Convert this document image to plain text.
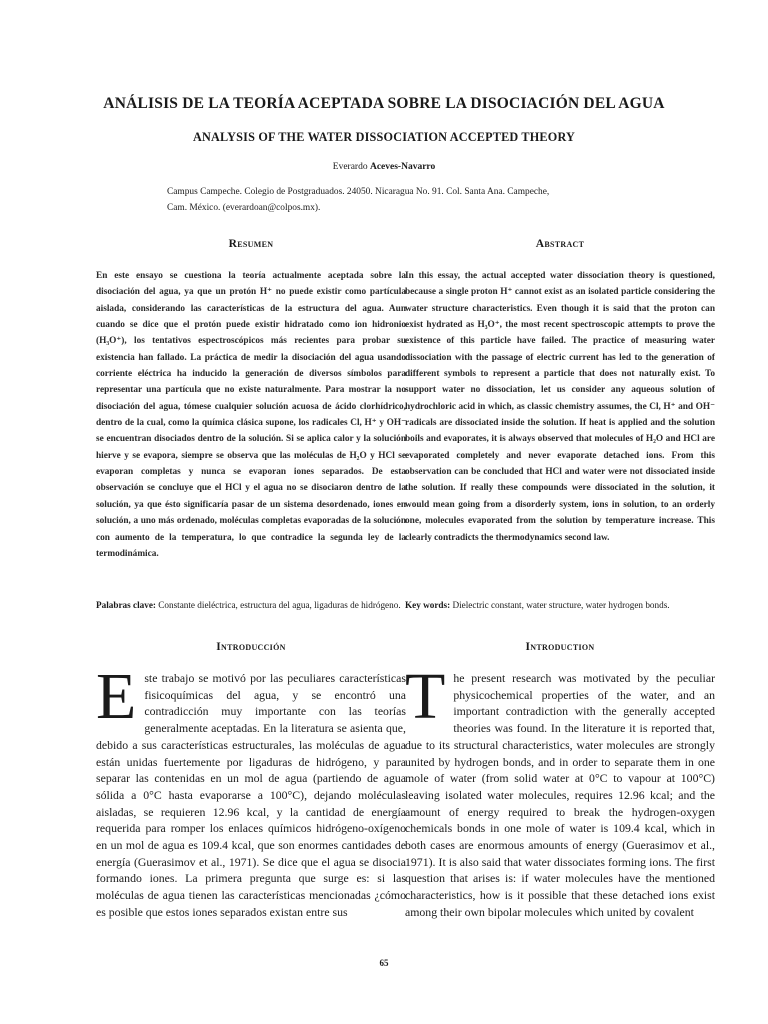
ANÁLISIS DE LA TEORÍA ACEPTADA SOBRE LA DISOCIACIÓN DEL AGUA
ANALYSIS OF THE WATER DISSOCIATION ACCEPTED THEORY
Everardo Aceves-Navarro
Campus Campeche. Colegio de Postgraduados. 24050. Nicaragua No. 91. Col. Santa Ana. Campeche,
Cam. México. (everardoan@colpos.mx).
Resumen
En este ensayo se cuestiona la teoría actualmente aceptada sobre la disociación del agua, ya que un protón H⁺ no puede existir como partícula aislada, considerando las características de la estructura del agua. Aun cuando se dice que el protón puede existir hidratado como ion hidronio (H₃O⁺), los tentativos espectroscópicos más recientes para probar su existencia han fallado. La práctica de medir la disociación del agua usando corriente eléctrica ha inducido la generación de diversos símbolos para representar una partícula que no existe naturalmente. Para mostrar la no disociación del agua, tómese cualquier solución acuosa de ácido clorhídrico, dentro de la cual, como la química clásica supone, los radicales Cl, H⁺ y OH⁻ se encuentran disociados dentro de la solución. Si se aplica calor y la solución hierve y se evapora, siempre se observa que las moléculas de H₂O y HCl se evaporan completas y nunca se evaporan iones separados. De esta observación se concluye que el HCl y el agua no se disociaron dentro de la solución, ya que ésto significaría pasar de un sistema desordenado, iones en solución, a uno más ordenado, moléculas completas evaporadas de la solución con aumento de la temperatura, lo que contradice la segunda ley de la termodinámica.
Palabras clave: Constante dieléctrica, estructura del agua, ligaduras de hidrógeno.
Abstract
In this essay, the actual accepted water dissociation theory is questioned, because a single proton H⁺ cannot exist as an isolated particle considering the water structure characteristics. Even though it is said that the proton can exist hydrated as H₃O⁺, the most recent spectroscopic attempts to prove the existence of this particle have failed. The practice of measuring water dissociation with the passage of electric current has led to the generation of different symbols to represent a particle that does not naturally exist. To support water no dissociation, let us consider any aqueous solution of hydrochloric acid in which, as classic chemistry assumes, the Cl, H⁺ and OH⁻ radicals are dissociated inside the solution. If heat is applied and the solution boils and evaporates, it is always observed that molecules of H₂O and HCl are evaporated completely and never evaporate detached ions. From this observation can be concluded that HCl and water were not dissociated inside the solution. If really these compounds were dissociated in the solution, it would mean going from a disorderly system, ions in solution, to an orderly one, molecules evaporated from the solution by temperature increase. This clearly contradicts the thermodynamics second law.
Key words: Dielectric constant, water structure, water hydrogen bonds.
Introducción
E ste trabajo se motivó por las peculiares características fisicoquímicas del agua, y se encontró una contradicción muy importante con las teorías generalmente aceptadas. En la literatura se asienta que, debido a sus características estructurales, las moléculas de agua están unidas fuertemente por ligaduras de hidrógeno, y para separar las contenidas en un mol de agua (partiendo de agua sólida a 0°C hasta evaporarse a 100°C), dejando moléculas aisladas, se requieren 12.96 kcal, y la cantidad de energía requerida para romper los enlaces químicos hidrógeno-oxígeno en un mol de agua es 109.4 kcal, que son enormes cantidades de energía (Guerasimov et al., 1971). Se dice que el agua se disocia formando iones. La primera pregunta que surge es: si las moléculas de agua tienen las características mencionadas ¿cómo es posible que estos iones separados existan entre sus
Introduction
T he present research was motivated by the peculiar physicochemical properties of the water, and an important contradiction with the generally accepted theories was found. In the literature it is reported that, due to its structural characteristics, water molecules are strongly united by hydrogen bonds, and in order to separate them in one mole of water (from solid water at 0°C to vapour at 100°C) leaving isolated water molecules, requires 12.96 kcal; and the amount of energy required to break the hydrogen-oxygen chemicals bonds in one mole of water is 109.4 kcal, which in both cases are enormous amounts of energy (Guerasimov et al., 1971). It is also said that water dissociates forming ions. The first question that arises is: if water molecules have the mentioned characteristics, how is it possible that these detached ions exist among their own bipolar molecules which united by covalent
65
